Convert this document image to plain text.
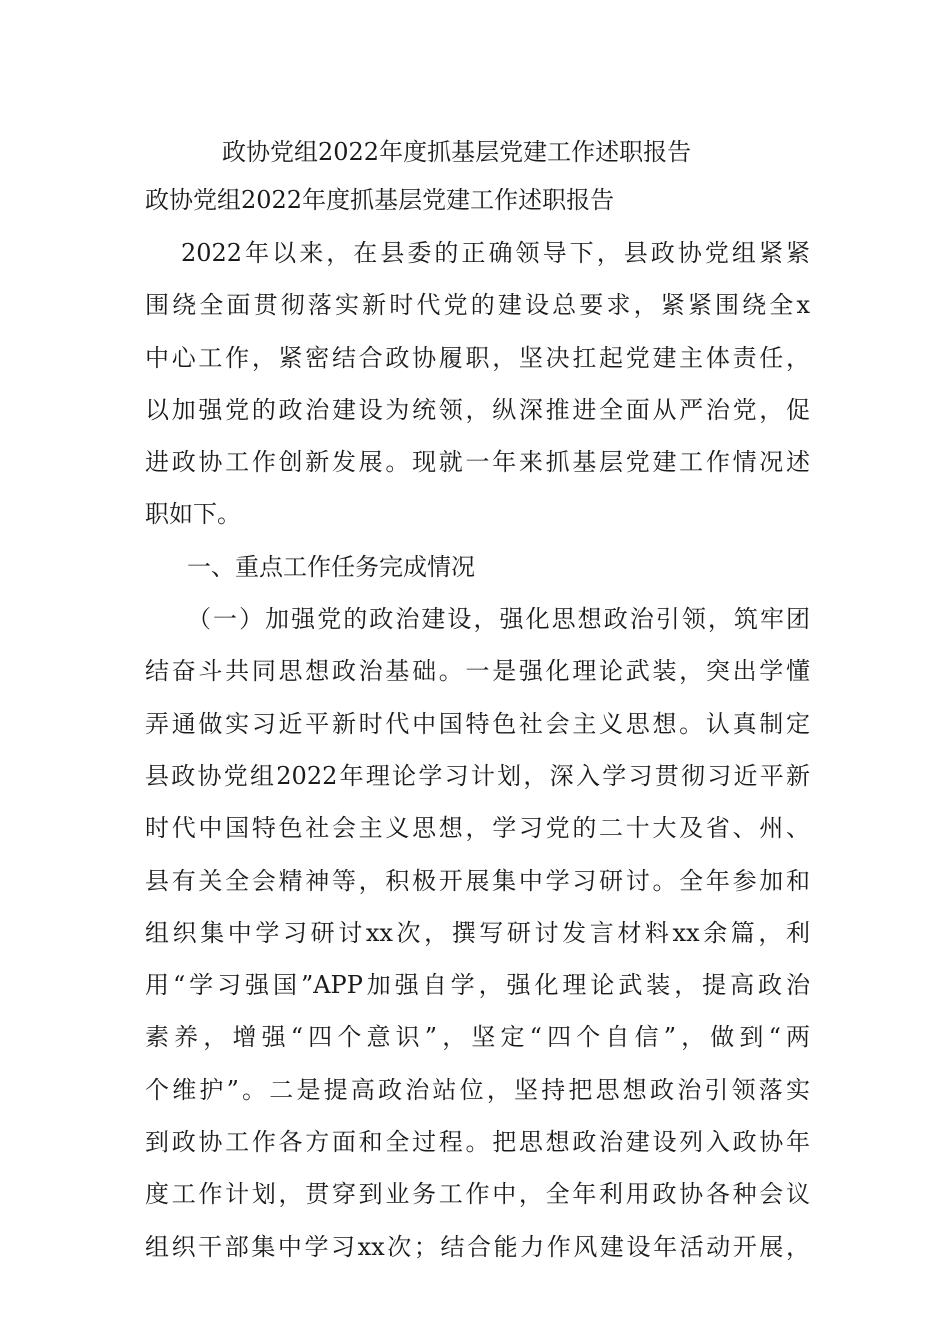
政协党组2022年度抓基层党建工作述职报告
政协党组2022年度抓基层党建工作述职报告
2022年以来，在县委的正确领导下，县政协党组紧紧
围绕全面贯彻落实新时代党的建设总要求，紧紧围绕全x
中心工作，紧密结合政协履职，坚决扛起党建主体责任，
以加强党的政治建设为统领，纵深推进全面从严治党，促
进政协工作创新发展。现就一年来抓基层党建工作情况述
职如下。
一、重点工作任务完成情况
（一）加强党的政治建设，强化思想政治引领，筑牢团
结奋斗共同思想政治基础。一是强化理论武装，突出学懂
弄通做实习近平新时代中国特色社会主义思想。认真制定
县政协党组2022年理论学习计划，深入学习贯彻习近平新
时代中国特色社会主义思想，学习党的二十大及省、州、
县有关全会精神等，积极开展集中学习研讨。全年参加和
组织集中学习研讨xx次，撰写研讨发言材料xx余篇，利
用“学习强国”APP加强自学，强化理论武装，提高政治
素养，增强“四个意识”，坚定“四个自信”，做到“两
个维护”。二是提高政治站位，坚持把思想政治引领落实
到政协工作各方面和全过程。把思想政治建设列入政协年
度工作计划，贯穿到业务工作中，全年利用政协各种会议
组织干部集中学习xx次；结合能力作风建设年活动开展，
